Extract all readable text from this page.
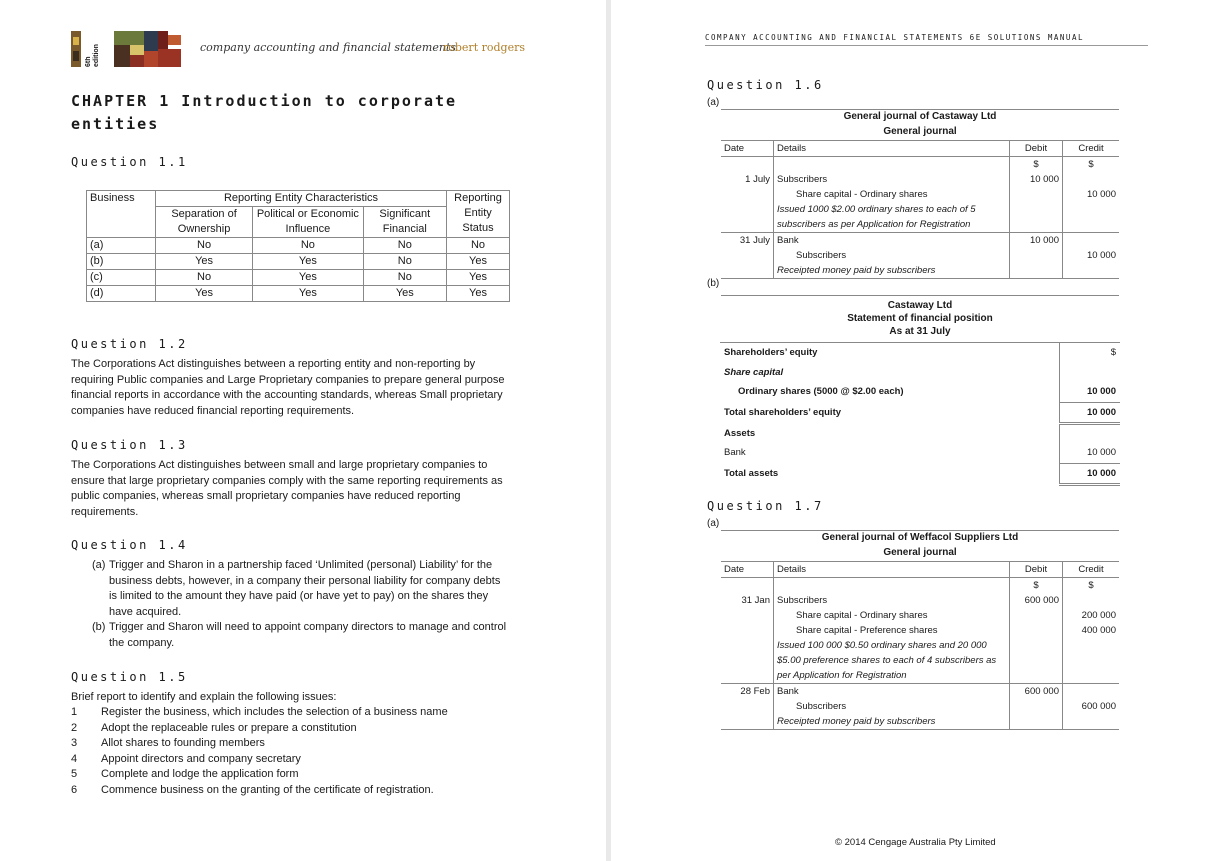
6th edition	company accounting and financial statements
robert rodgers
CHAPTER 1 Introduction to corporate entities
Question 1.1
Business	Reporting Entity Characteristics			Reporting Entity Status
	Separation of Ownership	Political or Economic Influence	Significant Financial	
(a)	No	No	No	No
(b)	Yes	Yes	No	Yes
(c)	No	Yes	No	Yes
(d)	Yes	Yes	Yes	Yes
Question 1.2
The Corporations Act distinguishes between a reporting entity and non-reporting by requiring Public companies and Large Proprietary companies to prepare general purpose financial reports in accordance with the accounting standards, whereas Small proprietary companies have reduced financial reporting requirements.
Question 1.3
The Corporations Act distinguishes between small and large proprietary companies to ensure that large proprietary companies comply with the same reporting requirements as public companies, whereas small proprietary companies have reduced reporting requirements.
Question 1.4
(a) Trigger and Sharon in a partnership faced ‘Unlimited (personal) Liability’ for the business debts, however, in a company their personal liability for company debts is limited to the amount they have paid (or have yet to pay) on the shares they have acquired.
(b) Trigger and Sharon will need to appoint company directors to manage and control the company.
Question 1.5
Brief report to identify and explain the following issues:
1 Register the business, which includes the selection of a business name
2 Adopt the replaceable rules or prepare a constitution
3 Allot shares to founding members
4 Appoint directors and company secretary
5 Complete and lodge the application form
6 Commence business on the granting of the certificate of registration.
COMPANY ACCOUNTING AND FINANCIAL STATEMENTS 6E SOLUTIONS MANUAL
Question 1.6
(a)
General journal of Castaway Ltd
General journal
Date	Details	Debit	Credit
		$	$
1 July	Subscribers	10 000	
	Share capital - Ordinary shares		10 000
	Issued 1000 $2.00 ordinary shares to each of 5		
	subscribers as per Application for Registration		
31 July	Bank	10 000	
	Subscribers		10 000
	Receipted money paid by subscribers		
(b)
Castaway Ltd
Statement of financial position
As at 31 July
Shareholders’ equity	$
Share capital	
Ordinary shares (5000 @ $2.00 each)	10 000
Total shareholders’ equity	10 000
Assets	
Bank	10 000
Total assets	10 000
Question 1.7
(a)
General journal of Weffacol Suppliers Ltd
General journal
Date	Details	Debit	Credit
		$	$
31 Jan	Subscribers	600 000	
	Share capital - Ordinary shares		200 000
	Share capital - Preference shares		400 000
	Issued 100 000 $0.50 ordinary shares and 20 000		
	$5.00 preference shares to each of 4 subscribers as		
	per Application for Registration		
28 Feb	Bank	600 000	
	Subscribers		600 000
	Receipted money paid by subscribers		
© 2014 Cengage Australia Pty Limited
